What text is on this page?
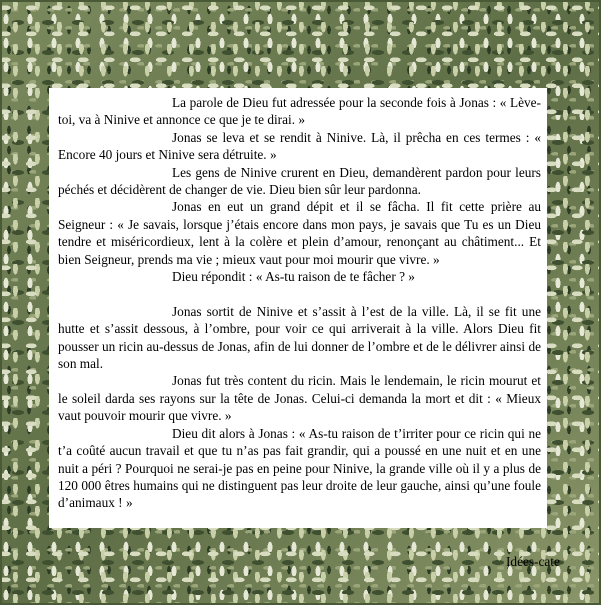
La parole de Dieu fut adressée pour la seconde fois à Jonas : « Lève-toi, va à Ninive et annonce ce que je te dirai. »

Jonas se leva et se rendit à Ninive. Là, il prêcha en ces termes : « Encore 40 jours et Ninive sera détruite. »

Les gens de Ninive crurent en Dieu, demandèrent pardon pour leurs péchés et décidèrent de changer de vie. Dieu bien sûr leur pardonna.

Jonas en eut un grand dépit et il se fâcha. Il fit cette prière au Seigneur : « Je savais, lorsque j’étais encore dans mon pays, je savais que Tu es un Dieu tendre et miséricordieux, lent à la colère et plein d’amour, renonçant au châtiment... Et bien Seigneur, prends ma vie ; mieux vaut pour moi mourir que vivre. »

Dieu répondit : « As-tu raison de te fâcher ? »

Jonas sortit de Ninive et s’assit à l’est de la ville. Là, il se fit une hutte et s’assit dessous, à l’ombre, pour voir ce qui arriverait à la ville. Alors Dieu fit pousser un ricin au-dessus de Jonas, afin de lui donner de l’ombre et de le délivrer ainsi de son mal.

Jonas fut très content du ricin. Mais le lendemain, le ricin mourut et le soleil darda ses rayons sur la tête de Jonas. Celui-ci demanda la mort et dit : « Mieux vaut pouvoir mourir que vivre. »

Dieu dit alors à Jonas : « As-tu raison de t’irriter pour ce ricin qui ne t’a coûté aucun travail et que tu n’as pas fait grandir, qui a poussé en une nuit et en une nuit a péri ? Pourquoi ne serai-je pas en peine pour Ninive, la grande ville où il y a plus de 120 000 êtres humains qui ne distinguent pas leur droite de leur gauche, ainsi qu’une foule d’animaux ! »

Idées-cate
